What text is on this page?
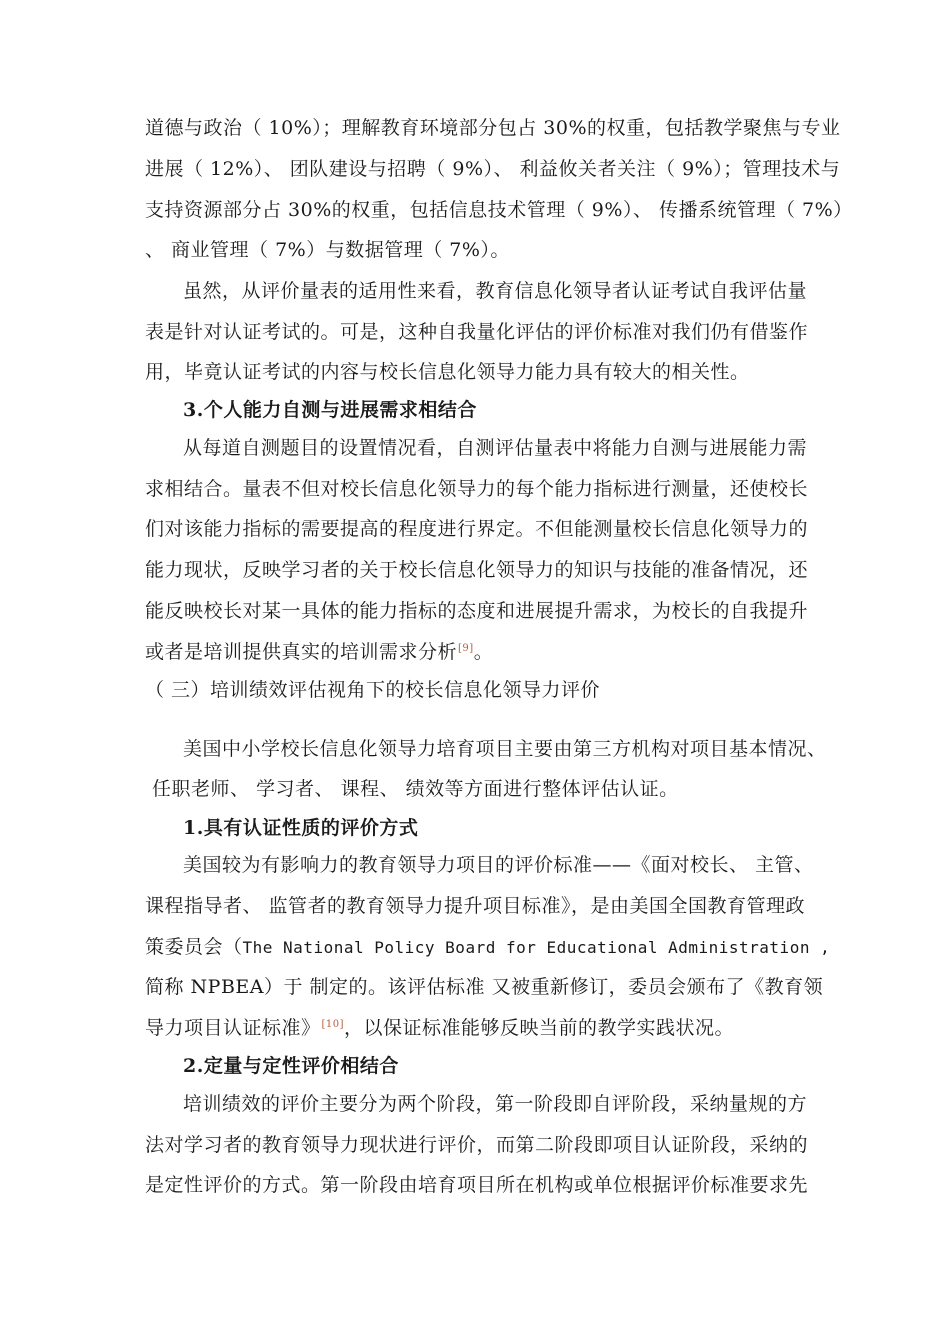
道德与政治（ 10%）；理解教育环境部分包占 30%的权重，包括教学聚焦与专业
进展（ 12%）、 团队建设与招聘（ 9%）、 利益攸关者关注（ 9%）；管理技术与
支持资源部分占 30%的权重，包括信息技术管理（ 9%）、 传播系统管理（ 7%）
、 商业管理（ 7%）与数据管理（ 7%）。
虽然，从评价量表的适用性来看，教育信息化领导者认证考试自我评估量
表是针对认证考试的。可是，这种自我量化评估的评价标准对我们仍有借鉴作
用，毕竟认证考试的内容与校长信息化领导力能力具有较大的相关性。
3.个人能力自测与进展需求相结合
从每道自测题目的设置情况看，自测评估量表中将能力自测与进展能力需
求相结合。量表不但对校长信息化领导力的每个能力指标进行测量，还使校长
们对该能力指标的需要提高的程度进行界定。不但能测量校长信息化领导力的
能力现状，反映学习者的关于校长信息化领导力的知识与技能的准备情况，还
能反映校长对某一具体的能力指标的态度和进展提升需求，为校长的自我提升
或者是培训提供真实的培训需求分析[9]。
（ 三）培训绩效评估视角下的校长信息化领导力评价
美国中小学校长信息化领导力培育项目主要由第三方机构对项目基本情况、
任职老师、 学习者、 课程、 绩效等方面进行整体评估认证。
1.具有认证性质的评价方式
美国较为有影响力的教育领导力项目的评价标准——《面对校长、 主管、
课程指导者、 监管者的教育领导力提升项目标准》，是由美国全国教育管理政
策委员会（The National Policy Board for Educational Administration ,
简称 NPBEA）于 制定的。该评估标准 又被重新修订，委员会颁布了《教育领
导力项目认证标准》[10]，以保证标准能够反映当前的教学实践状况。
2.定量与定性评价相结合
培训绩效的评价主要分为两个阶段，第一阶段即自评阶段，采纳量规的方
法对学习者的教育领导力现状进行评价，而第二阶段即项目认证阶段，采纳的
是定性评价的方式。第一阶段由培育项目所在机构或单位根据评价标准要求先
